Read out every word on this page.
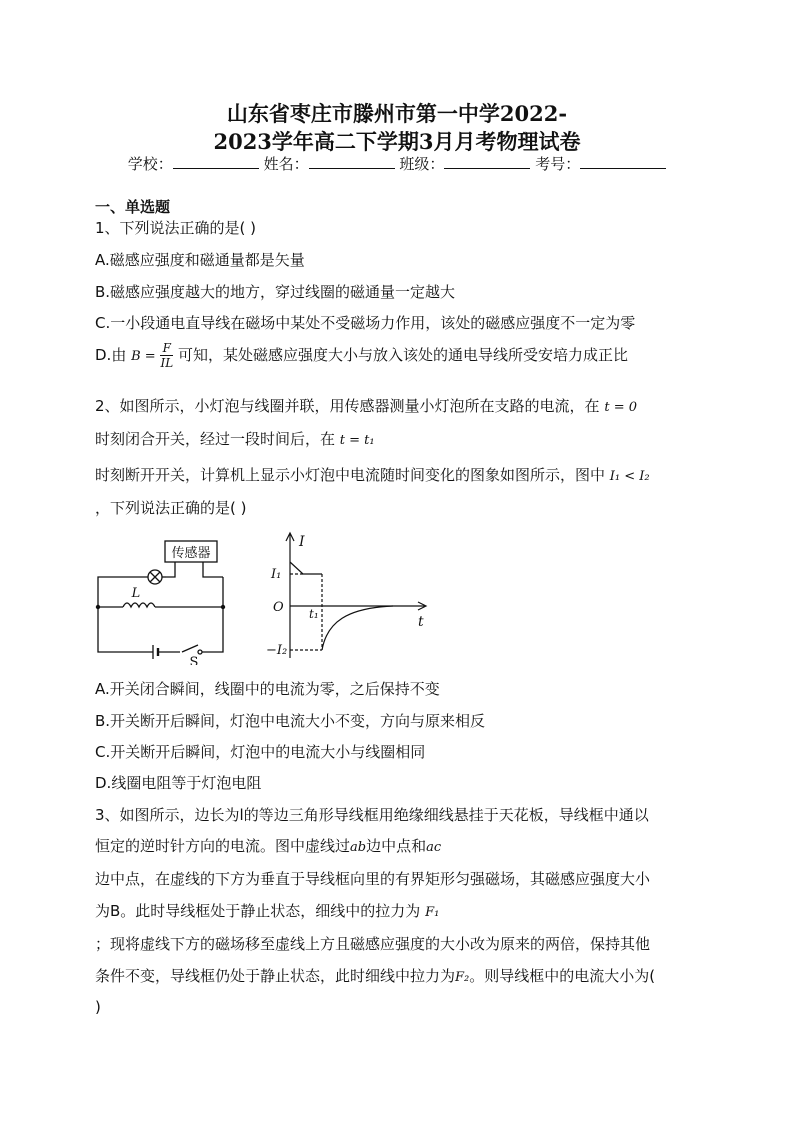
山东省枣庄市滕州市第一中学2022-
2023学年高二下学期3月月考物理试卷
学校：	姓名：	班级：	考号：
一、单选题
1、下列说法正确的是( )
A.磁感应强度和磁通量都是矢量
B.磁感应强度越大的地方，穿过线圈的磁通量一定越大
C.一小段通电直导线在磁场中某处不受磁场力作用，该处的磁感应强度不一定为零
D.由 $B = \frac{F}{IL}$ 可知，某处磁感应强度大小与放入该处的通电导线所受安培力成正比
2、如图所示，小灯泡与线圈并联，用传感器测量小灯泡所在支路的电流，在 t = 0
时刻闭合开关，经过一段时间后，在 t = t₁
时刻断开开关，计算机上显示小灯泡中电流随时间变化的图象如图所示，图中 I₁ < I₂
，下列说法正确的是( )
传感器
L
S
I
t
O
I₁
−I₂
t₁
A.开关闭合瞬间，线圈中的电流为零，之后保持不变
B.开关断开后瞬间，灯泡中电流大小不变，方向与原来相反
C.开关断开后瞬间，灯泡中的电流大小与线圈相同
D.线圈电阻等于灯泡电阻
3、如图所示，边长为l的等边三角形导线框用绝缘细线悬挂于天花板，导线框中通以
恒定的逆时针方向的电流。图中虚线过ab边中点和ac
边中点，在虚线的下方为垂直于导线框向里的有界矩形匀强磁场，其磁感应强度大小
为B。此时导线框处于静止状态，细线中的拉力为 F₁
；现将虚线下方的磁场移至虚线上方且磁感应强度的大小改为原来的两倍，保持其他
条件不变，导线框仍处于静止状态，此时细线中拉力为F₂。则导线框中的电流大小为(
)
